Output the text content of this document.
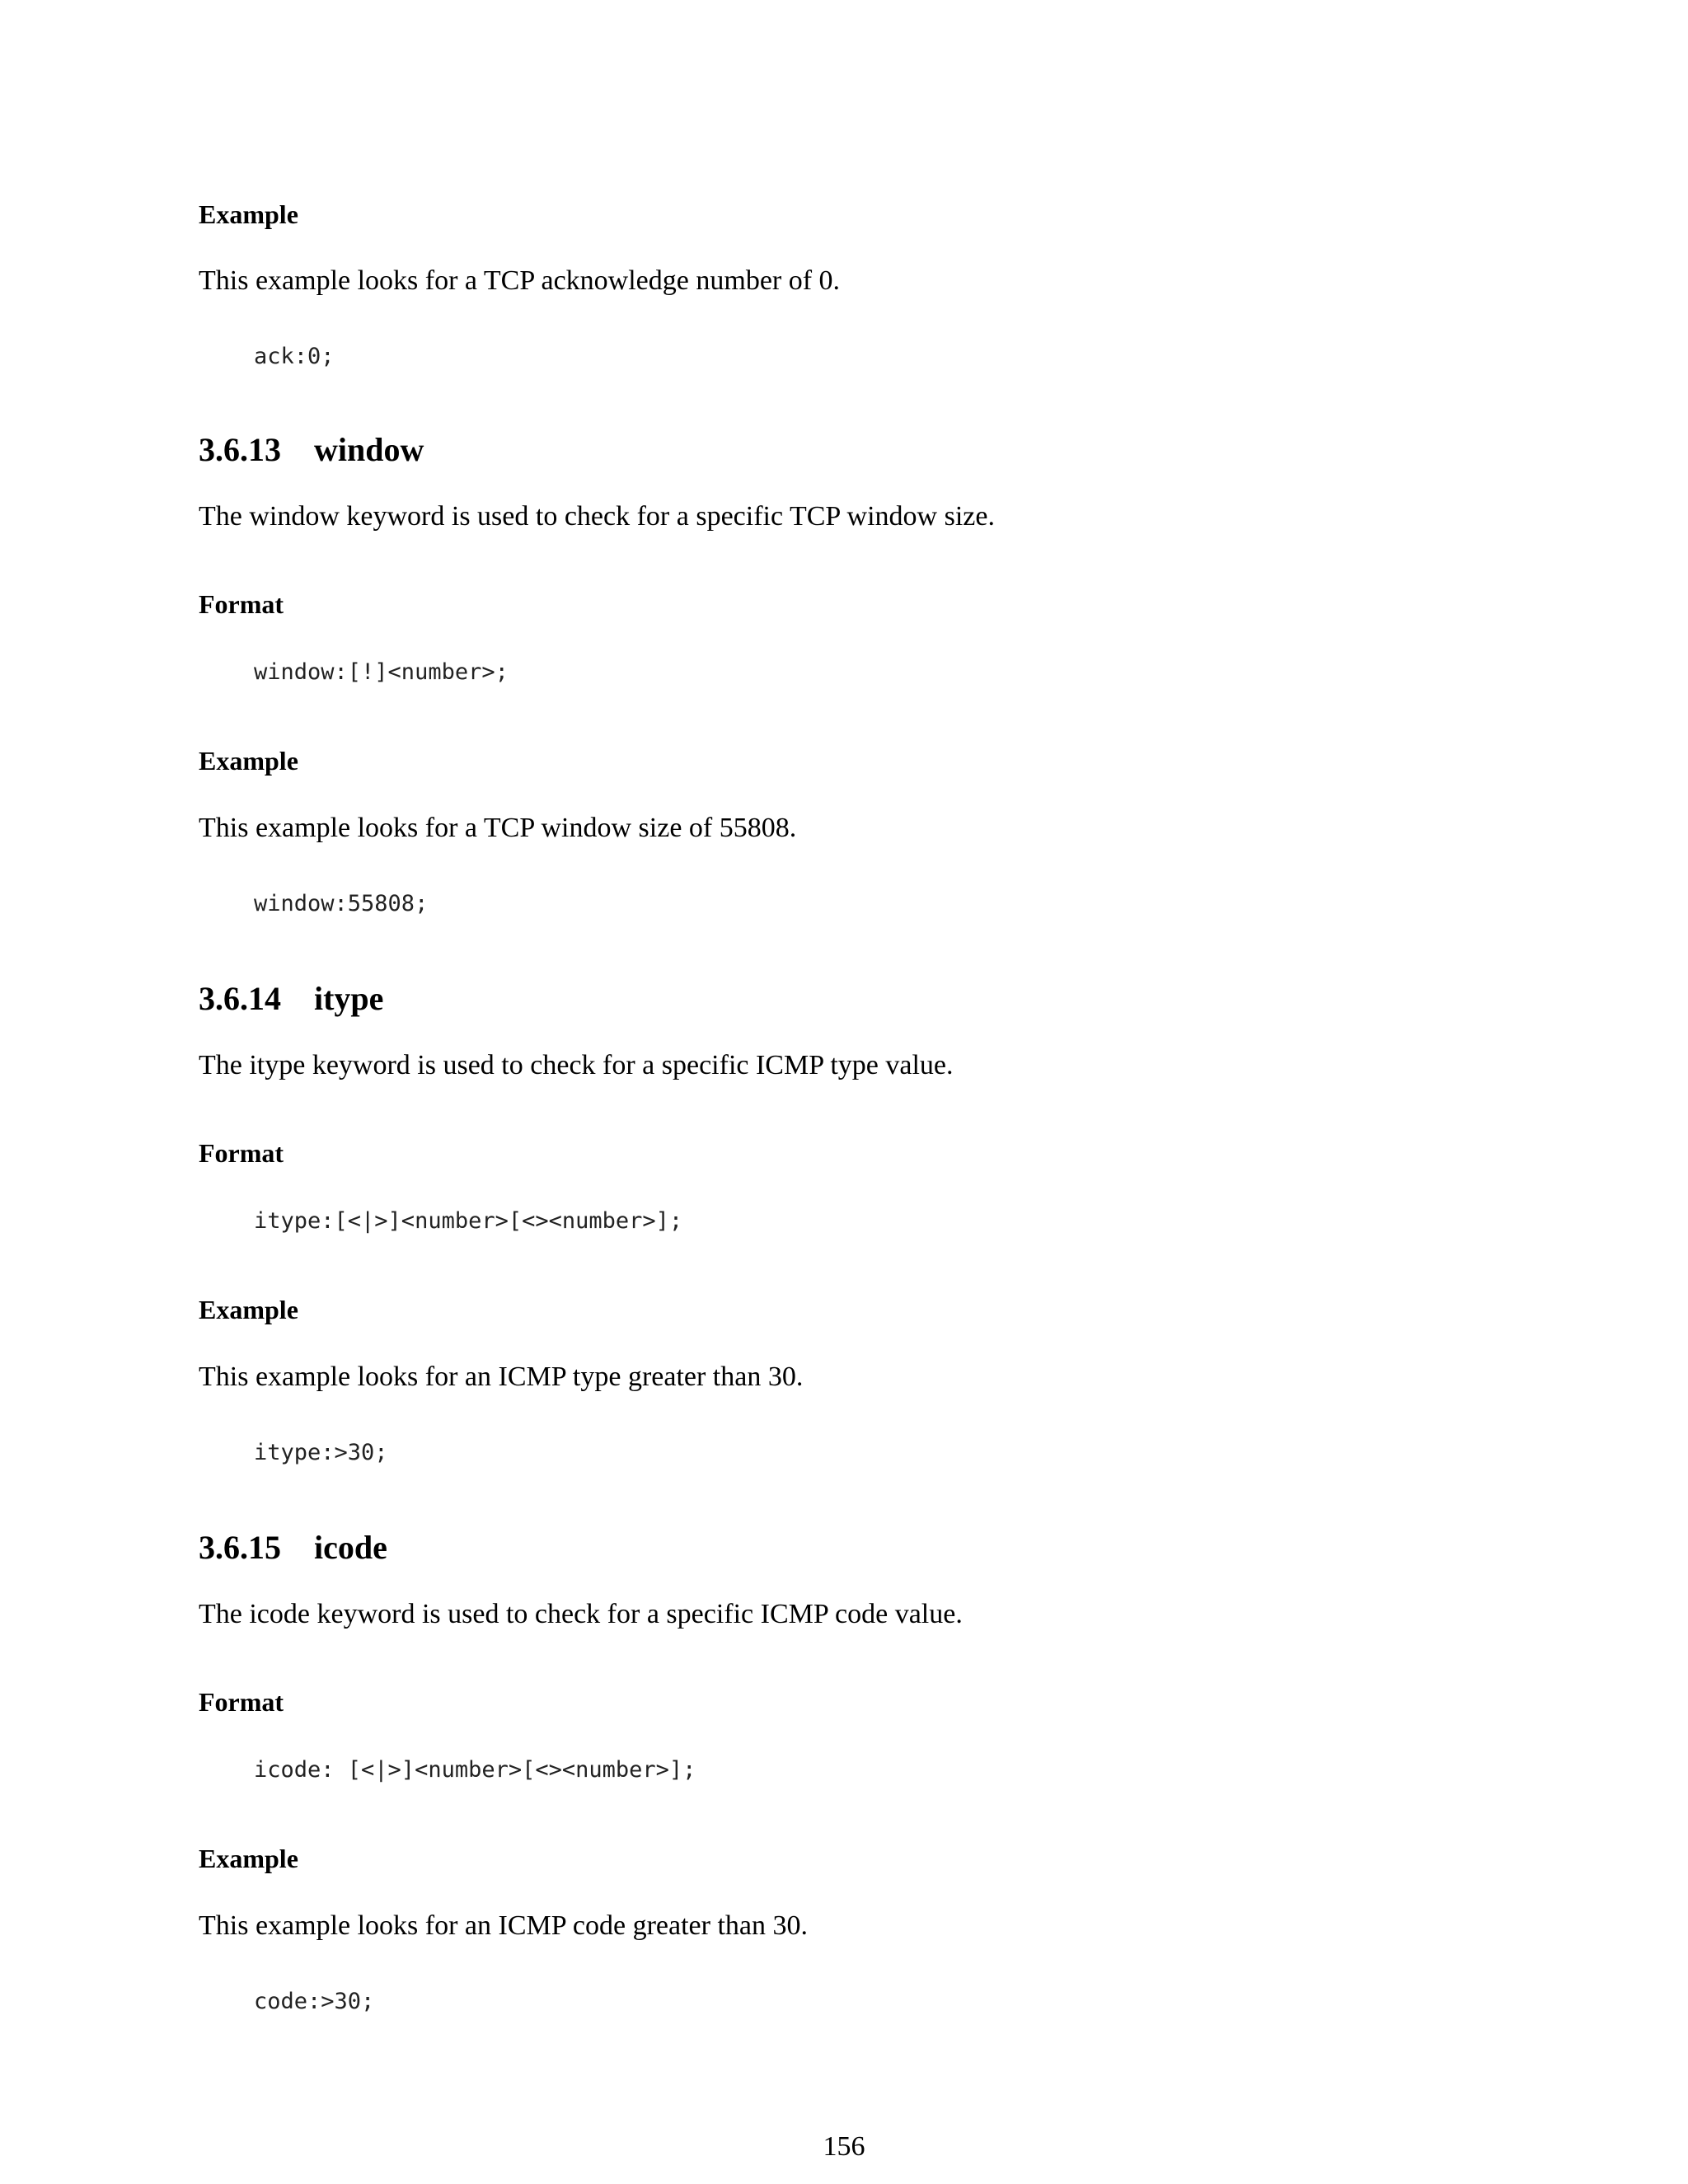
Example
This example looks for a TCP acknowledge number of 0.
ack:0;
3.6.13 window
The window keyword is used to check for a specific TCP window size.
Format
window:[!]<number>;
Example
This example looks for a TCP window size of 55808.
window:55808;
3.6.14 itype
The itype keyword is used to check for a specific ICMP type value.
Format
itype:[<|>]<number>[<><number>];
Example
This example looks for an ICMP type greater than 30.
itype:>30;
3.6.15 icode
The icode keyword is used to check for a specific ICMP code value.
Format
icode: [<|>]<number>[<><number>];
Example
This example looks for an ICMP code greater than 30.
code:>30;
156
